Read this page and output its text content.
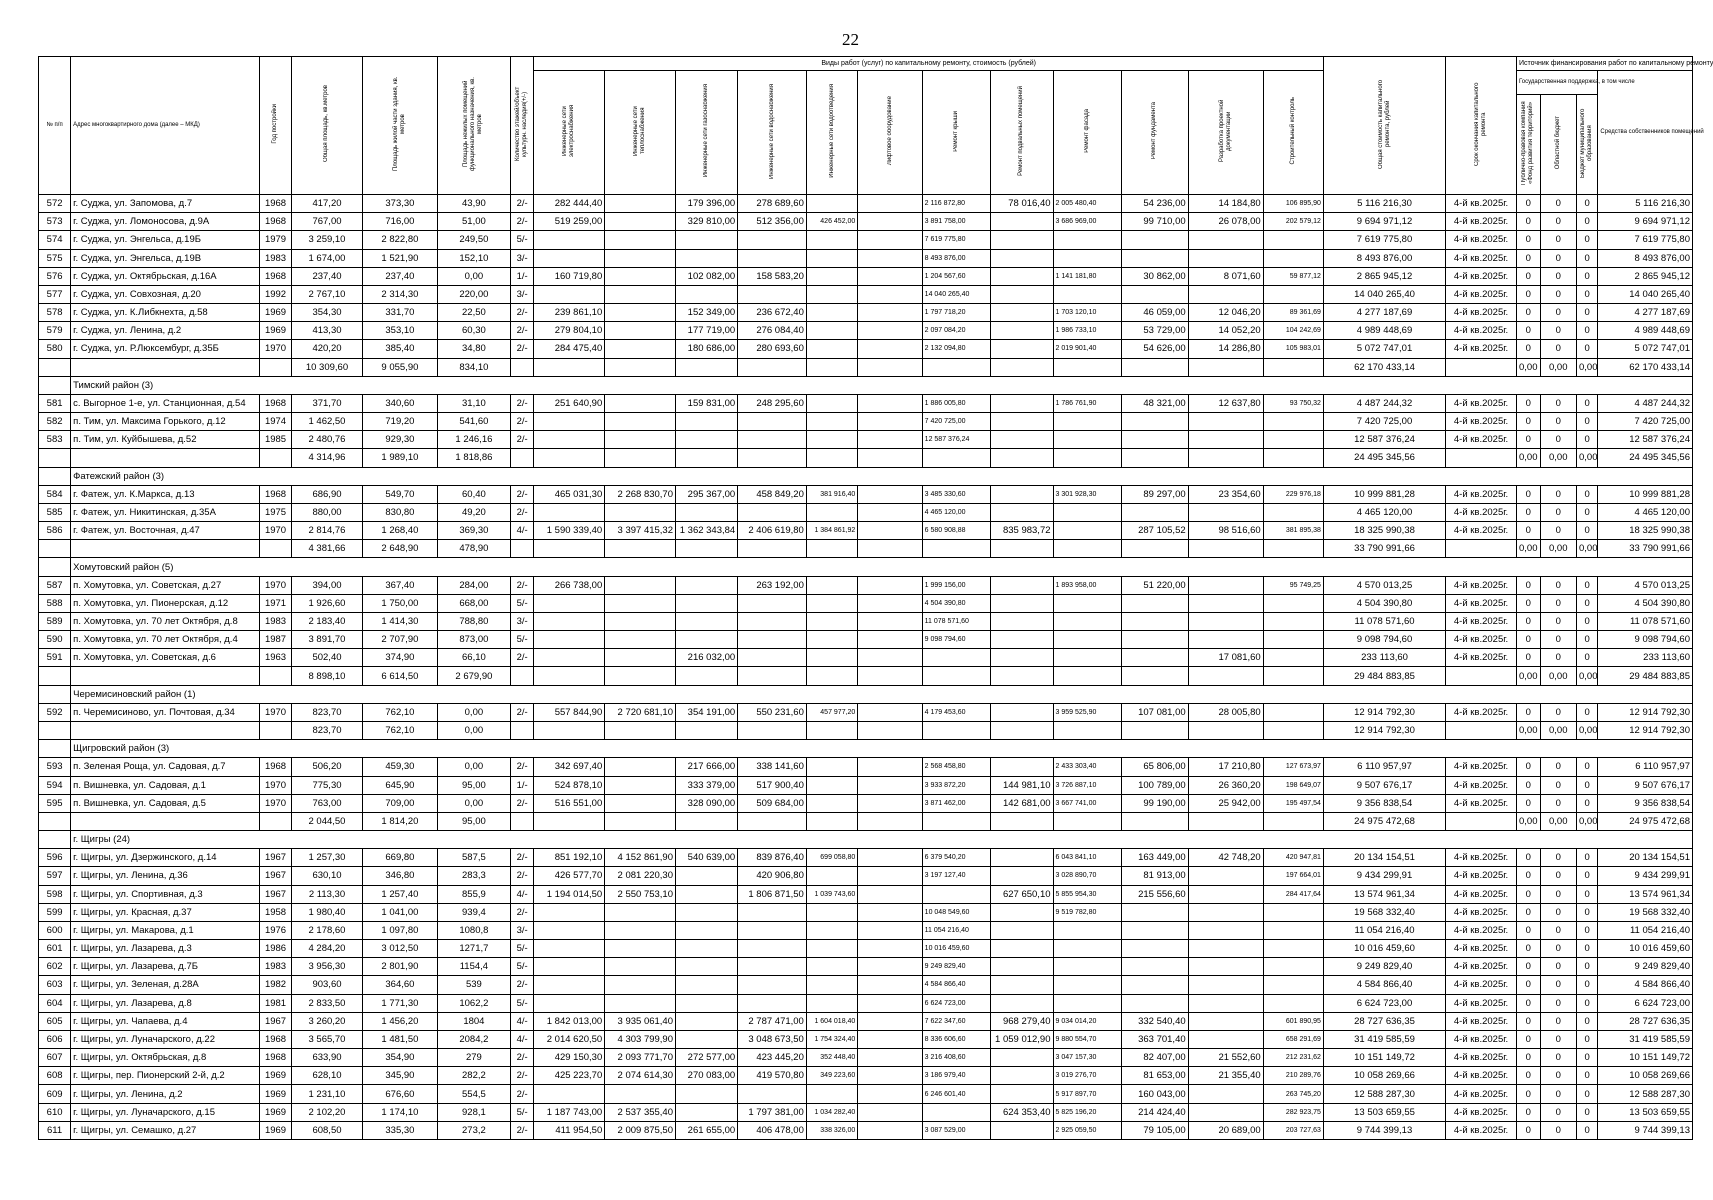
22
№ п/п	Адрес многоквартирного дома (далее – МКД)	Год постройки	Общая площадь, кв.метров	Площадь жилой части здания, кв. метров	Площадь нежилых помещений функционального назначения, кв. метров	Количество этажей/объект культурн. наследия(+/-)	Виды работ (услуг) по капитальному ремонту, стоимость (рублей)												Общая стоимость капитального ремонта, рублей	Срок окончания капитального ремонта	Источник финансирования работ по капитальному ремонту			
							Инженерные сети электроснабжения	Инженерные сети теплоснабжения	Инженерные сети газоснабжения	Инженерные сети водоснабжения	Инженерные сети водоотведения	Лифтовое оборудование	Ремонт крыши	Ремонт подвальных помещений	Ремонт фасада	Ремонт фундамента	Разработка проектной документации	Строительный контроль			Государственная поддержка, в том числе			Средства собственников помещений
																					Публично-правовая компания «Фонд развития территорий»	Областной бюджет	Бюджет муниципального образования	
572	г. Суджа, ул. Запомова, д.7	1968	417,20	373,30	43,90	2/-	282 444,40		179 396,00	278 689,60			2 116 872,80	78 016,40	2 005 480,40	54 236,00	14 184,80	106 895,90	5 116 216,30	4-й кв.2025г.	0	0	0	5 116 216,30
573	г. Суджа, ул. Ломоносова, д.9А	1968	767,00	716,00	51,00	2/-	519 259,00		329 810,00	512 356,00	426 452,00		3 891 758,00		3 686 969,00	99 710,00	26 078,00	202 579,12	9 694 971,12	4-й кв.2025г.	0	0	0	9 694 971,12
574	г. Суджа, ул. Энгельса, д.19Б	1979	3 259,10	2 822,80	249,50	5/-							7 619 775,80						7 619 775,80	4-й кв.2025г.	0	0	0	7 619 775,80
575	г. Суджа, ул. Энгельса, д.19В	1983	1 674,00	1 521,90	152,10	3/-							8 493 876,00						8 493 876,00	4-й кв.2025г.	0	0	0	8 493 876,00
576	г. Суджа, ул. Октябрьская, д.16А	1968	237,40	237,40	0,00	1/-	160 719,80		102 082,00	158 583,20			1 204 567,60		1 141 181,80	30 862,00	8 071,60	59 877,12	2 865 945,12	4-й кв.2025г.	0	0	0	2 865 945,12
577	г. Суджа, ул. Совхозная, д.20	1992	2 767,10	2 314,30	220,00	3/-							14 040 265,40						14 040 265,40	4-й кв.2025г.	0	0	0	14 040 265,40
578	г. Суджа, ул. К.Либкнехта, д.58	1969	354,30	331,70	22,50	2/-	239 861,10		152 349,00	236 672,40			1 797 718,20		1 703 120,10	46 059,00	12 046,20	89 361,69	4 277 187,69	4-й кв.2025г.	0	0	0	4 277 187,69
579	г. Суджа, ул. Ленина, д.2	1969	413,30	353,10	60,30	2/-	279 804,10		177 719,00	276 084,40			2 097 084,20		1 986 733,10	53 729,00	14 052,20	104 242,69	4 989 448,69	4-й кв.2025г.	0	0	0	4 989 448,69
580	г. Суджа, ул. Р.Люксембург, д.35Б	1970	420,20	385,40	34,80	2/-	284 475,40		180 686,00	280 693,60			2 132 094,80		2 019 901,40	54 626,00	14 286,80	105 983,01	5 072 747,01	4-й кв.2025г.	0	0	0	5 072 747,01
			10 309,60	9 055,90	834,10														62 170 433,14		0,00	0,00	0,00	62 170 433,14
	Тимский район (3)																							
581	с. Выгорное 1-е, ул. Станционная, д.54	1968	371,70	340,60	31,10	2/-	251 640,90		159 831,00	248 295,60			1 886 005,80		1 786 761,90	48 321,00	12 637,80	93 750,32	4 487 244,32	4-й кв.2025г.	0	0	0	4 487 244,32
582	п. Тим, ул. Максима Горького, д.12	1974	1 462,50	719,20	541,60	2/-							7 420 725,00						7 420 725,00	4-й кв.2025г.	0	0	0	7 420 725,00
583	п. Тим, ул. Куйбышева, д.52	1985	2 480,76	929,30	1 246,16	2/-							12 587 376,24						12 587 376,24	4-й кв.2025г.	0	0	0	12 587 376,24
			4 314,96	1 989,10	1 818,86														24 495 345,56		0,00	0,00	0,00	24 495 345,56
	Фатежский район (3)																							
584	г. Фатеж, ул. К.Маркса, д.13	1968	686,90	549,70	60,40	2/-	465 031,30	2 268 830,70	295 367,00	458 849,20	381 916,40		3 485 330,60		3 301 928,30	89 297,00	23 354,60	229 976,18	10 999 881,28	4-й кв.2025г.	0	0	0	10 999 881,28
585	г. Фатеж, ул. Никитинская, д.35А	1975	880,00	830,80	49,20	2/-							4 465 120,00						4 465 120,00	4-й кв.2025г.	0	0	0	4 465 120,00
586	г. Фатеж, ул. Восточная, д.47	1970	2 814,76	1 268,40	369,30	4/-	1 590 339,40	3 397 415,32	1 362 343,84	2 406 619,80	1 384 861,92		6 580 908,88	835 983,72		287 105,52	98 516,60	381 895,38	18 325 990,38	4-й кв.2025г.	0	0	0	18 325 990,38
			4 381,66	2 648,90	478,90														33 790 991,66		0,00	0,00	0,00	33 790 991,66
	Хомутовский район (5)																							
587	п. Хомутовка, ул. Советская, д.27	1970	394,00	367,40	284,00	2/-	266 738,00			263 192,00			1 999 156,00		1 893 958,00	51 220,00		95 749,25	4 570 013,25	4-й кв.2025г.	0	0	0	4 570 013,25
588	п. Хомутовка, ул. Пионерская, д.12	1971	1 926,60	1 750,00	668,00	5/-							4 504 390,80						4 504 390,80	4-й кв.2025г.	0	0	0	4 504 390,80
589	п. Хомутовка, ул. 70 лет Октября, д.8	1983	2 183,40	1 414,30	788,80	3/-							11 078 571,60						11 078 571,60	4-й кв.2025г.	0	0	0	11 078 571,60
590	п. Хомутовка, ул. 70 лет Октября, д.4	1987	3 891,70	2 707,90	873,00	5/-							9 098 794,60						9 098 794,60	4-й кв.2025г.	0	0	0	9 098 794,60
591	п. Хомутовка, ул. Советская, д.6	1963	502,40	374,90	66,10	2/-			216 032,00								17 081,60		233 113,60	4-й кв.2025г.	0	0	0	233 113,60
			8 898,10	6 614,50	2 679,90														29 484 883,85		0,00	0,00	0,00	29 484 883,85
	Черемисиновский район (1)																							
592	п. Черемисиново, ул. Почтовая, д.34	1970	823,70	762,10	0,00	2/-	557 844,90	2 720 681,10	354 191,00	550 231,60	457 977,20		4 179 453,60		3 959 525,90	107 081,00	28 005,80		12 914 792,30	4-й кв.2025г.	0	0	0	12 914 792,30
			823,70	762,10	0,00														12 914 792,30		0,00	0,00	0,00	12 914 792,30
	Щигровский район (3)																							
593	п. Зеленая Роща, ул. Садовая, д.7	1968	506,20	459,30	0,00	2/-	342 697,40		217 666,00	338 141,60			2 568 458,80		2 433 303,40	65 806,00	17 210,80	127 673,97	6 110 957,97	4-й кв.2025г.	0	0	0	6 110 957,97
594	п. Вишневка, ул. Садовая, д.1	1970	775,30	645,90	95,00	1/-	524 878,10		333 379,00	517 900,40			3 933 872,20	144 981,10	3 726 887,10	100 789,00	26 360,20	198 649,07	9 507 676,17	4-й кв.2025г.	0	0	0	9 507 676,17
595	п. Вишневка, ул. Садовая, д.5	1970	763,00	709,00	0,00	2/-	516 551,00		328 090,00	509 684,00			3 871 462,00	142 681,00	3 667 741,00	99 190,00	25 942,00	195 497,54	9 356 838,54	4-й кв.2025г.	0	0	0	9 356 838,54
			2 044,50	1 814,20	95,00														24 975 472,68		0,00	0,00	0,00	24 975 472,68
	г. Щигры (24)																							
596	г. Щигры, ул. Дзержинского, д.14	1967	1 257,30	669,80	587,5	2/-	851 192,10	4 152 861,90	540 639,00	839 876,40	699 058,80		6 379 540,20		6 043 841,10	163 449,00	42 748,20	420 947,81	20 134 154,51	4-й кв.2025г.	0	0	0	20 134 154,51
597	г. Щигры, ул. Ленина, д.36	1967	630,10	346,80	283,3	2/-	426 577,70	2 081 220,30		420 906,80			3 197 127,40		3 028 890,70	81 913,00		197 664,01	9 434 299,91	4-й кв.2025г.	0	0	0	9 434 299,91
598	г. Щигры, ул. Спортивная, д.3	1967	2 113,30	1 257,40	855,9	4/-	1 194 014,50	2 550 753,10		1 806 871,50	1 039 743,60			627 650,10	5 855 954,30	215 556,60		284 417,64	13 574 961,34	4-й кв.2025г.	0	0	0	13 574 961,34
599	г. Щигры, ул. Красная, д.37	1958	1 980,40	1 041,00	939,4	2/-							10 048 549,60		9 519 782,80				19 568 332,40	4-й кв.2025г.	0	0	0	19 568 332,40
600	г. Щигры, ул. Макарова, д.1	1976	2 178,60	1 097,80	1080,8	3/-							11 054 216,40						11 054 216,40	4-й кв.2025г.	0	0	0	11 054 216,40
601	г. Щигры, ул. Лазарева, д.3	1986	4 284,20	3 012,50	1271,7	5/-							10 016 459,60						10 016 459,60	4-й кв.2025г.	0	0	0	10 016 459,60
602	г. Щигры, ул. Лазарева, д.7Б	1983	3 956,30	2 801,90	1154,4	5/-							9 249 829,40						9 249 829,40	4-й кв.2025г.	0	0	0	9 249 829,40
603	г. Щигры, ул. Зеленая, д.28А	1982	903,60	364,60	539	2/-							4 584 866,40						4 584 866,40	4-й кв.2025г.	0	0	0	4 584 866,40
604	г. Щигры, ул. Лазарева, д.8	1981	2 833,50	1 771,30	1062,2	5/-							6 624 723,00						6 624 723,00	4-й кв.2025г.	0	0	0	6 624 723,00
605	г. Щигры, ул. Чапаева, д.4	1967	3 260,20	1 456,20	1804	4/-	1 842 013,00	3 935 061,40		2 787 471,00	1 604 018,40		7 622 347,60	968 279,40	9 034 014,20	332 540,40		601 890,95	28 727 636,35	4-й кв.2025г.	0	0	0	28 727 636,35
606	г. Щигры, ул. Луначарского, д.22	1968	3 565,70	1 481,50	2084,2	4/-	2 014 620,50	4 303 799,90		3 048 673,50	1 754 324,40		8 336 606,60	1 059 012,90	9 880 554,70	363 701,40		658 291,69	31 419 585,59	4-й кв.2025г.	0	0	0	31 419 585,59
607	г. Щигры, ул. Октябрьская, д.8	1968	633,90	354,90	279	2/-	429 150,30	2 093 771,70	272 577,00	423 445,20	352 448,40		3 216 408,60		3 047 157,30	82 407,00	21 552,60	212 231,62	10 151 149,72	4-й кв.2025г.	0	0	0	10 151 149,72
608	г. Щигры, пер. Пионерский 2-й, д.2	1969	628,10	345,90	282,2	2/-	425 223,70	2 074 614,30	270 083,00	419 570,80	349 223,60		3 186 979,40		3 019 276,70	81 653,00	21 355,40	210 289,76	10 058 269,66	4-й кв.2025г.	0	0	0	10 058 269,66
609	г. Щигры, ул. Ленина, д.2	1969	1 231,10	676,60	554,5	2/-							6 246 601,40		5 917 897,70	160 043,00		263 745,20	12 588 287,30	4-й кв.2025г.	0	0	0	12 588 287,30
610	г. Щигры, ул. Луначарского, д.15	1969	2 102,20	1 174,10	928,1	5/-	1 187 743,00	2 537 355,40		1 797 381,00	1 034 282,40			624 353,40	5 825 196,20	214 424,40		282 923,75	13 503 659,55	4-й кв.2025г.	0	0	0	13 503 659,55
611	г. Щигры, ул. Семашко, д.27	1969	608,50	335,30	273,2	2/-	411 954,50	2 009 875,50	261 655,00	406 478,00	338 326,00		3 087 529,00		2 925 059,50	79 105,00	20 689,00	203 727,63	9 744 399,13	4-й кв.2025г.	0	0	0	9 744 399,13
